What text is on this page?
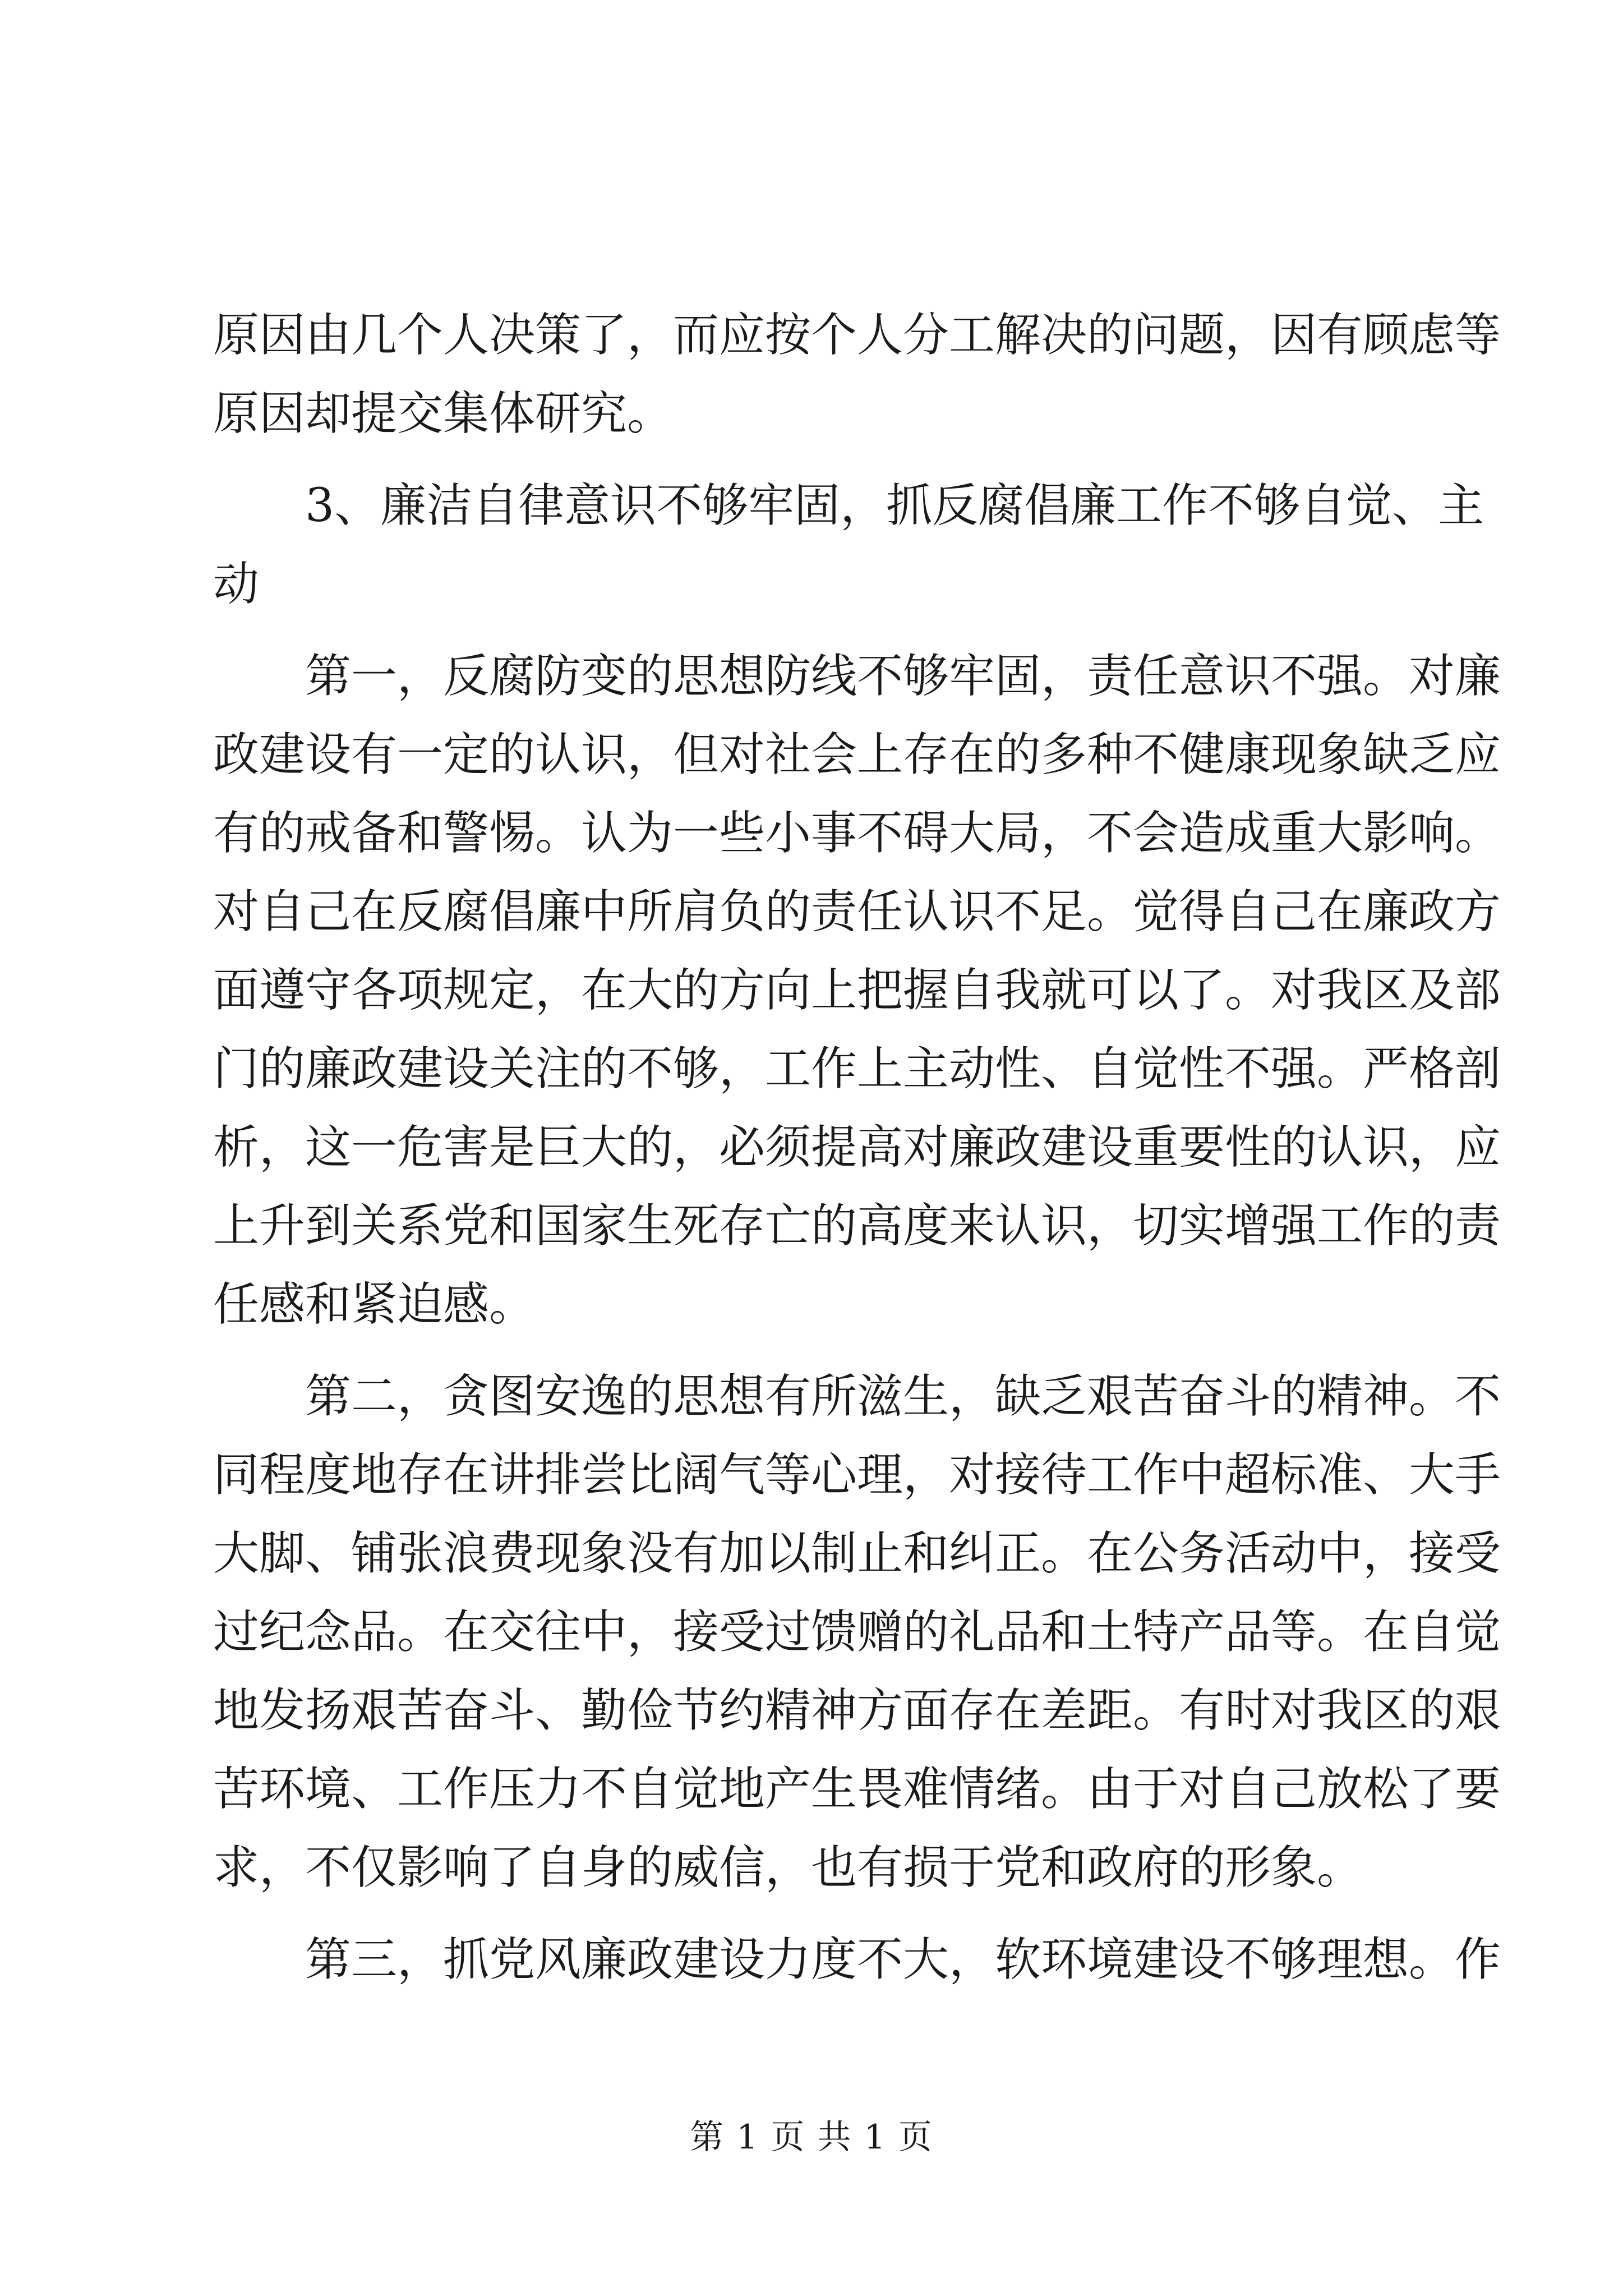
原因由几个人决策了，而应按个人分工解决的问题，因有顾虑等
原因却提交集体研究。
3、廉洁自律意识不够牢固，抓反腐倡廉工作不够自觉、主
动
第一，反腐防变的思想防线不够牢固，责任意识不强。对廉
政建设有一定的认识，但对社会上存在的多种不健康现象缺乏应
有的戒备和警惕。认为一些小事不碍大局，不会造成重大影响。
对自己在反腐倡廉中所肩负的责任认识不足。觉得自己在廉政方
面遵守各项规定，在大的方向上把握自我就可以了。对我区及部
门的廉政建设关注的不够，工作上主动性、自觉性不强。严格剖
析，这一危害是巨大的，必须提高对廉政建设重要性的认识，应
上升到关系党和国家生死存亡的高度来认识，切实增强工作的责
任感和紧迫感。
第二，贪图安逸的思想有所滋生，缺乏艰苦奋斗的精神。不
同程度地存在讲排尝比阔气等心理，对接待工作中超标准、大手
大脚、铺张浪费现象没有加以制止和纠正。在公务活动中，接受
过纪念品。在交往中，接受过馈赠的礼品和土特产品等。在自觉
地发扬艰苦奋斗、勤俭节约精神方面存在差距。有时对我区的艰
苦环境、工作压力不自觉地产生畏难情绪。由于对自己放松了要
求，不仅影响了自身的威信，也有损于党和政府的形象。
第三，抓党风廉政建设力度不大，软环境建设不够理想。作
第 1 页 共 1 页
